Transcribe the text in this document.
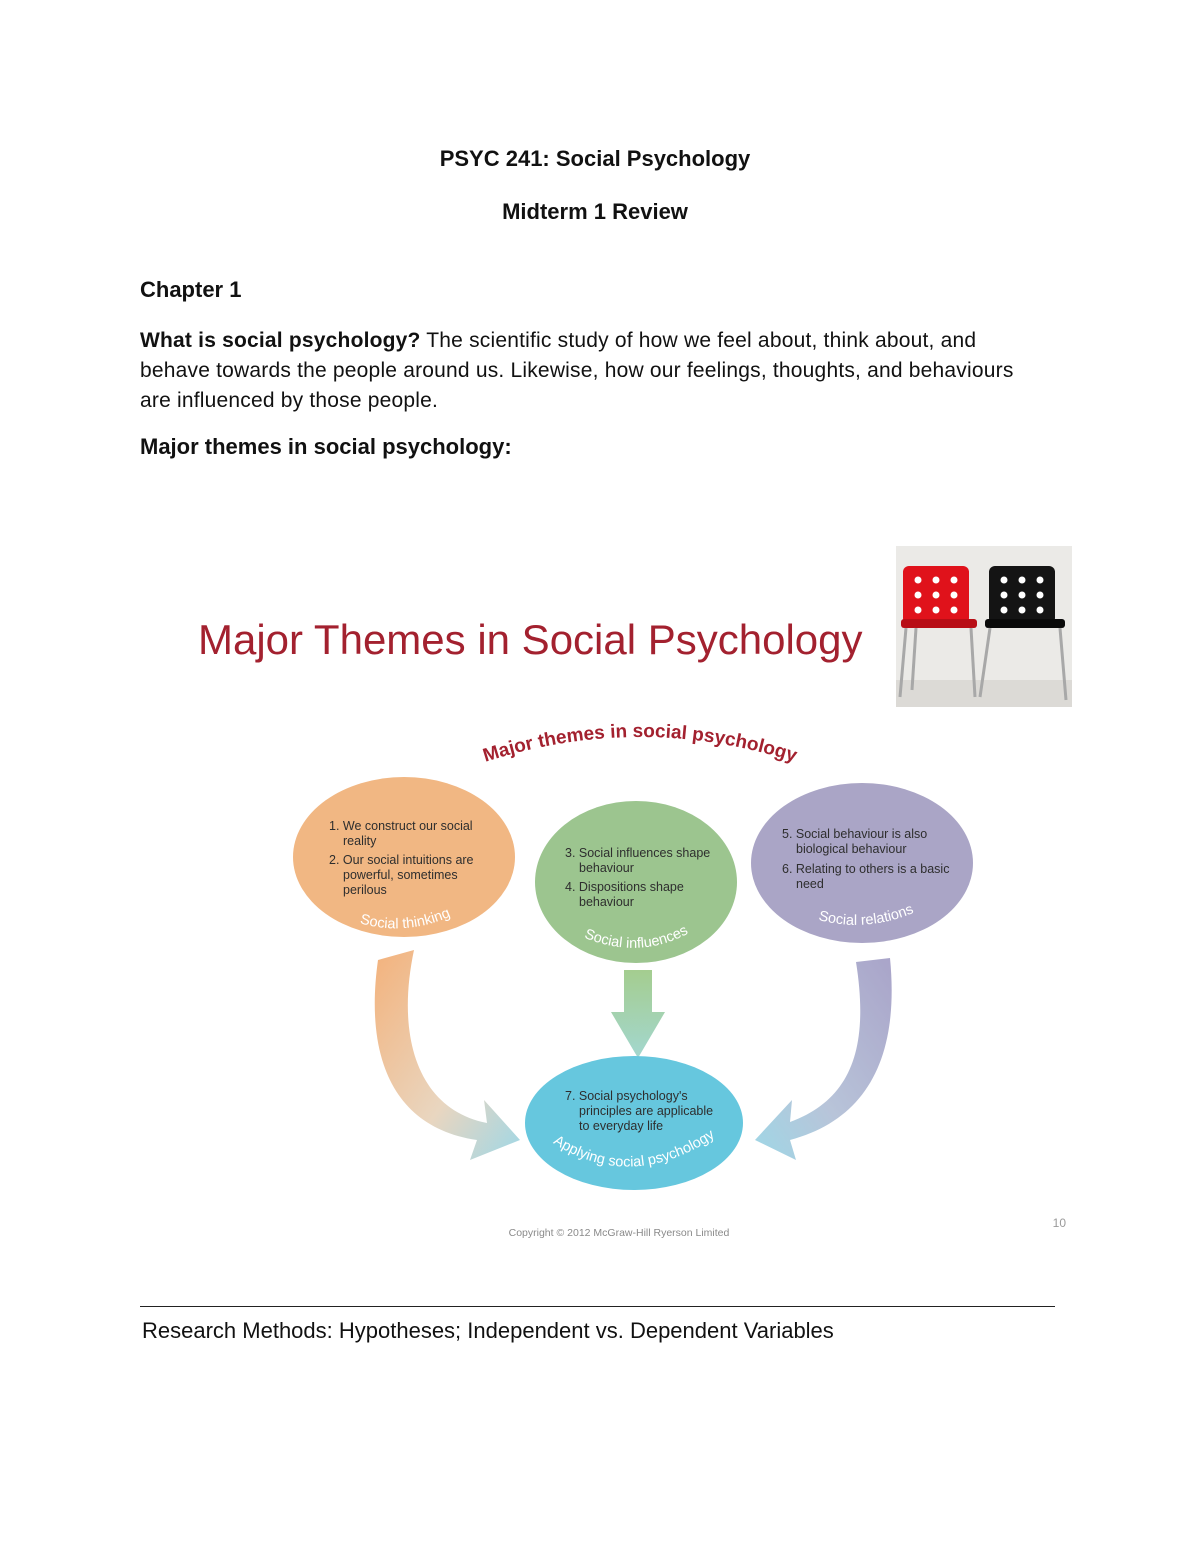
PSYC 241: Social Psychology
Midterm 1 Review
Chapter 1
What is social psychology? The scientific study of how we feel about, think about, and behave towards the people around us. Likewise, how our feelings, thoughts, and behaviours are influenced by those people.
Major themes in social psychology:
Major Themes in Social Psychology
Major themes in social psychology
1. We construct our social reality
2. Our social intuitions are powerful, sometimes perilous
3. Social influences shape behaviour
4. Dispositions shape behaviour
5. Social behaviour is also biological behaviour
6. Relating to others is a basic need
7. Social psychology's principles are applicable to everyday life
Social thinking
Social influences
Social relations
Applying social psychology
Copyright © 2012 McGraw-Hill Ryerson Limited
10
Research Methods: Hypotheses; Independent vs. Dependent Variables
